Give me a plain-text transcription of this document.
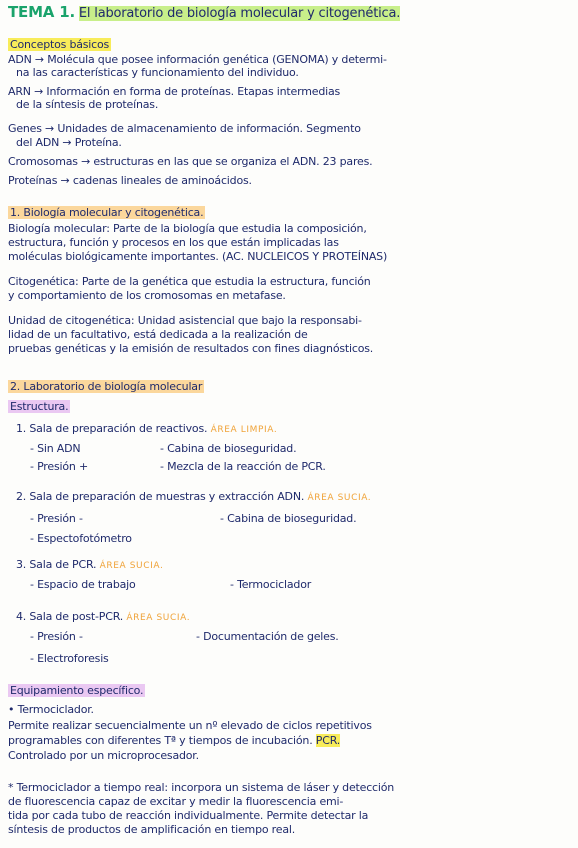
TEMA 1. El laboratorio de biología molecular y citogenética.
Conceptos básicos
ADN → Molécula que posee información genética (GENOMA) y determi-
na las características y funcionamiento del individuo.
ARN → Información en forma de proteínas. Etapas intermedias
de la síntesis de proteínas.
Genes → Unidades de almacenamiento de información. Segmento
del ADN → Proteína.
Cromosomas → estructuras en las que se organiza el ADN. 23 pares.
Proteínas → cadenas lineales de aminoácidos.
1. Biología molecular y citogenética.
Biología molecular: Parte de la biología que estudia la composición,
estructura, función y procesos en los que están implicadas las
moléculas biológicamente importantes. (AC. NUCLEICOS Y PROTEÍNAS)
Citogenética: Parte de la genética que estudia la estructura, función
y comportamiento de los cromosomas en metafase.
Unidad de citogenética: Unidad asistencial que bajo la responsabi-
lidad de un facultativo, está dedicada a la realización de
pruebas genéticas y la emisión de resultados con fines diagnósticos.
2. Laboratorio de biología molecular
Estructura.
1. Sala de preparación de reactivos. ÁREA LIMPIA.
- Sin ADN	- Cabina de bioseguridad.
- Presión +	- Mezcla de la reacción de PCR.
2. Sala de preparación de muestras y extracción ADN. ÁREA SUCIA.
- Presión -	- Cabina de bioseguridad.
- Espectofotómetro
3. Sala de PCR. ÁREA SUCIA.
- Espacio de trabajo	- Termociclador
4. Sala de post-PCR. ÁREA SUCIA.
- Presión -	- Documentación de geles.
- Electroforesis
Equipamiento específico.
• Termociclador.
Permite realizar secuencialmente un nº elevado de ciclos repetitivos
programables con diferentes Tª y tiempos de incubación. PCR.
Controlado por un microprocesador.
* Termociclador a tiempo real: incorpora un sistema de láser y detección
de fluorescencia capaz de excitar y medir la fluorescencia emi-
tida por cada tubo de reacción individualmente. Permite detectar la
síntesis de productos de amplificación en tiempo real.
